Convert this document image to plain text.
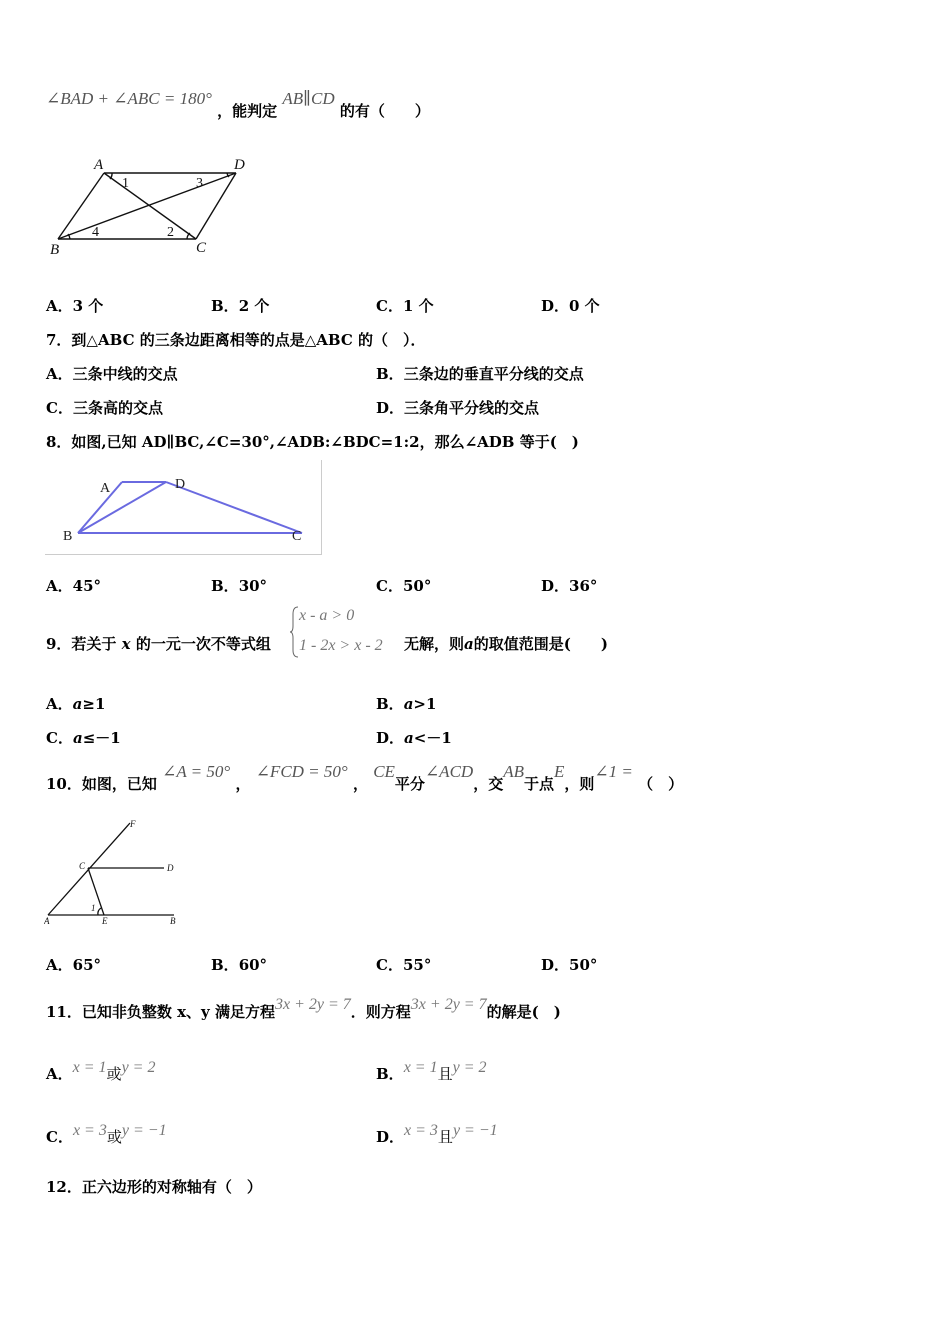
∠BAD + ∠ABC = 180° ，能判定 AB∥CD 的有（　　）
A	D
B	C
1
2
3
4
A．3 个	B．2 个	C．1 个	D．0 个
7．到△ABC 的三条边距离相等的点是△ABC 的（　）．
A．三条中线的交点	B．三条边的垂直平分线的交点
C．三条高的交点	D．三条角平分线的交点
8．如图,已知 AD∥BC,∠C=30°,∠ADB:∠BDC=1:2，那么∠ADB 等于(　)
A	D
B	C
A．45°	B．30°	C．50°	D．36°
9．若关于 x 的一元一次不等式组
x - a > 0
1 - 2x > x - 2 无解，则a的取值范围是(　　)
A．a≥1	B．a>1
C．a≤－1	D．a<－1
10．如图，已知 ∠A = 50° ， ∠FCD = 50° ， CE平分∠ACD，交AB于点E，则∠1 = （　）
F
C	D
A	E	B
1
A．65°	B．60°	C．55°	D．50°
11．已知非负整数 x、y 满足方程3x + 2y = 7．则方程3x + 2y = 7的解是(　)
A．x = 1或y = 2	B．x = 1且y = 2
C．x = 3或y = −1	D．x = 3且y = −1
12．正六边形的对称轴有（　）
